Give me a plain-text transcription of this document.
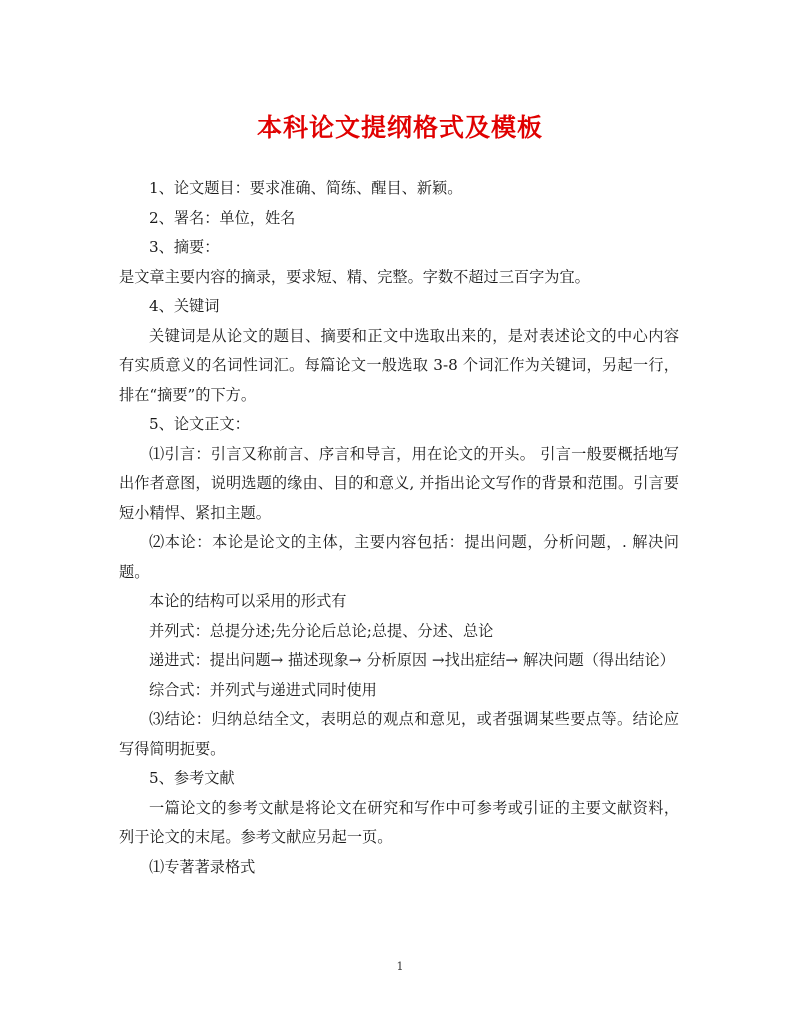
本科论文提纲格式及模板

1、论文题目：要求准确、简练、醒目、新颖。

2、署名：单位，姓名

3、摘要：

是文章主要内容的摘录，要求短、精、完整。字数不超过三百字为宜。

4、关键词

关键词是从论文的题目、摘要和正文中选取出来的，是对表述论文的中心内容有实质意义的名词性词汇。每篇论文一般选取 3-8 个词汇作为关键词，另起一行，排在“摘要”的下方。

5、论文正文：

⑴引言：引言又称前言、序言和导言，用在论文的开头。 引言一般要概括地写出作者意图，说明选题的缘由、目的和意义, 并指出论文写作的背景和范围。引言要短小精悍、紧扣主题。

⑵本论：本论是论文的主体，主要内容包括：提出问题，分析问题，. 解决问题。

本论的结构可以采用的形式有

并列式：总提分述;先分论后总论;总提、分述、总论

递进式：提出问题→ 描述现象→ 分析原因 →找出症结→ 解决问题（得出结论）

综合式：并列式与递进式同时使用

⑶结论：归纳总结全文，表明总的观点和意见，或者强调某些要点等。结论应写得简明扼要。

5、参考文献

一篇论文的参考文献是将论文在研究和写作中可参考或引证的主要文献资料，列于论文的末尾。参考文献应另起一页。

⑴专著著录格式

1
